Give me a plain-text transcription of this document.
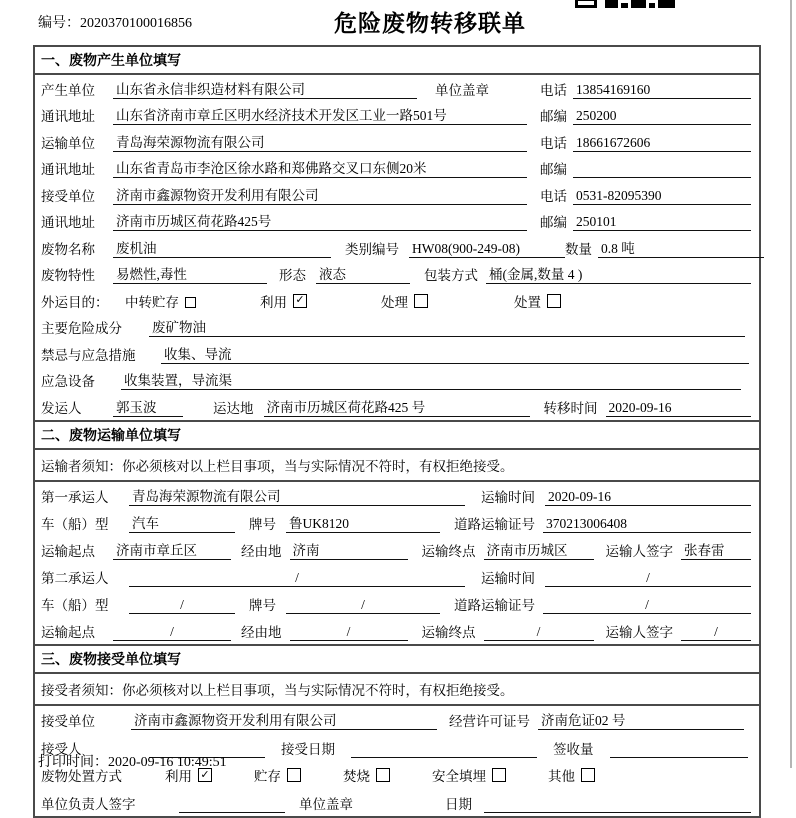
编号：2020370100016856	危险废物转移联单
一、废物产生单位填写
产生单位	山东省永信非织造材料有限公司	单位盖章	电话 13854169160
通讯地址	山东省济南市章丘区明水经济技术开发区工业一路501号	邮编 250200
运输单位	青岛海荣源物流有限公司	电话 18661672606
通讯地址	山东省青岛市李沧区徐水路和郑佛路交叉口东侧20米	邮编
接受单位	济南市鑫源物资开发利用有限公司	电话 0531-82095390
通讯地址	济南市历城区荷花路425号	邮编 250101
废物名称	废机油	类别编号 HW08(900-249-08)	数量 0.8 吨
废物特性	易燃性,毒性	形态 液态	包装方式 桶(金属,数量 4 )
外运目的：	中转贮存	利用 ✓	处理	处置
主要危险成分	废矿物油
禁忌与应急措施	收集、导流
应急设备	收集装置，导流渠
发运人	郭玉波	运达地 济南市历城区荷花路425 号	转移时间 2020-09-16
二、废物运输单位填写
运输者须知：你必须核对以上栏目事项，当与实际情况不符时，有权拒绝接受。
第一承运人	青岛海荣源物流有限公司	运输时间 2020-09-16
车（船）型	汽车	牌号 鲁UK8120	道路运输证号 370213006408
运输起点	济南市章丘区	经由地 济南	运输终点 济南市历城区	运输人签字 张春雷
第二承运人	/	运输时间	/
车（船）型	/	牌号	/	道路运输证号	/
运输起点	/	经由地	/	运输终点	/	运输人签字	/
三、废物接受单位填写
接受者须知：你必须核对以上栏目事项，当与实际情况不符时，有权拒绝接受。
接受单位	济南市鑫源物资开发利用有限公司	经营许可证号 济南危证02 号
接受人	接受日期	签收量
废物处置方式	利用 ✓	贮存	焚烧	安全填埋	其他
单位负责人签字	单位盖章	日期
打印时间：2020-09-16 10:49:51
